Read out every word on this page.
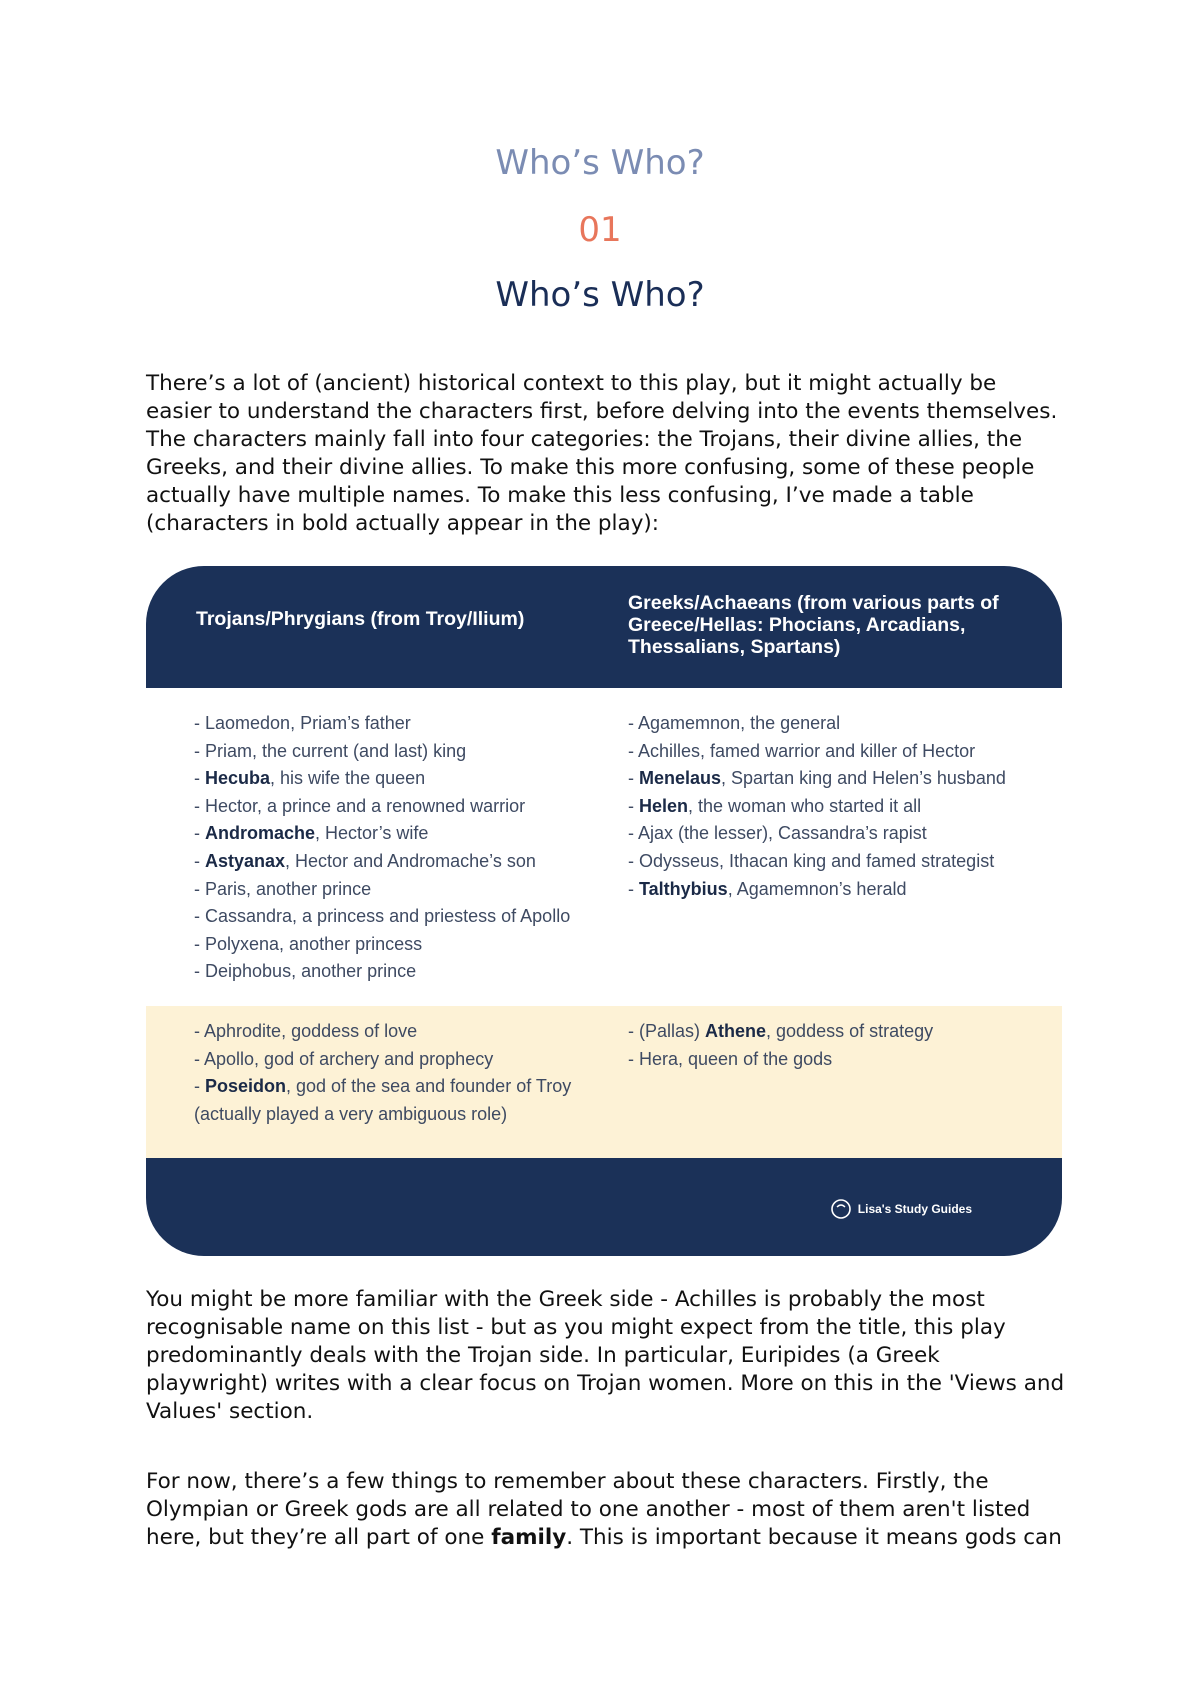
Who’s Who?
01
Who’s Who?

There’s a lot of (ancient) historical context to this play, but it might actually be easier to understand the characters first, before delving into the events themselves. The characters mainly fall into four categories: the Trojans, their divine allies, the Greeks, and their divine allies. To make this more confusing, some of these people actually have multiple names. To make this less confusing, I’ve made a table (characters in bold actually appear in the play):

Trojans/Phrygians (from Troy/Ilium)
Greeks/Achaeans (from various parts of Greece/Hellas: Phocians, Arcadians, Thessalians, Spartans)
- Laomedon, Priam’s father
- Priam, the current (and last) king
- Hecuba, his wife the queen
- Hector, a prince and a renowned warrior
- Andromache, Hector’s wife
- Astyanax, Hector and Andromache’s son
- Paris, another prince
- Cassandra, a princess and priestess of Apollo
- Polyxena, another princess
- Deiphobus, another prince
- Agamemnon, the general
- Achilles, famed warrior and killer of Hector
- Menelaus, Spartan king and Helen’s husband
- Helen, the woman who started it all
- Ajax (the lesser), Cassandra’s rapist
- Odysseus, Ithacan king and famed strategist
- Talthybius, Agamemnon’s herald
- Aphrodite, goddess of love
- Apollo, god of archery and prophecy
- Poseidon, god of the sea and founder of Troy
(actually played a very ambiguous role)
- (Pallas) Athene, goddess of strategy
- Hera, queen of the gods
Lisa's Study Guides

You might be more familiar with the Greek side - Achilles is probably the most recognisable name on this list - but as you might expect from the title, this play predominantly deals with the Trojan side. In particular, Euripides (a Greek playwright) writes with a clear focus on Trojan women. More on this in the 'Views and Values' section.

For now, there’s a few things to remember about these characters. Firstly, the Olympian or Greek gods are all related to one another - most of them aren't listed here, but they’re all part of one family. This is important because it means gods can
